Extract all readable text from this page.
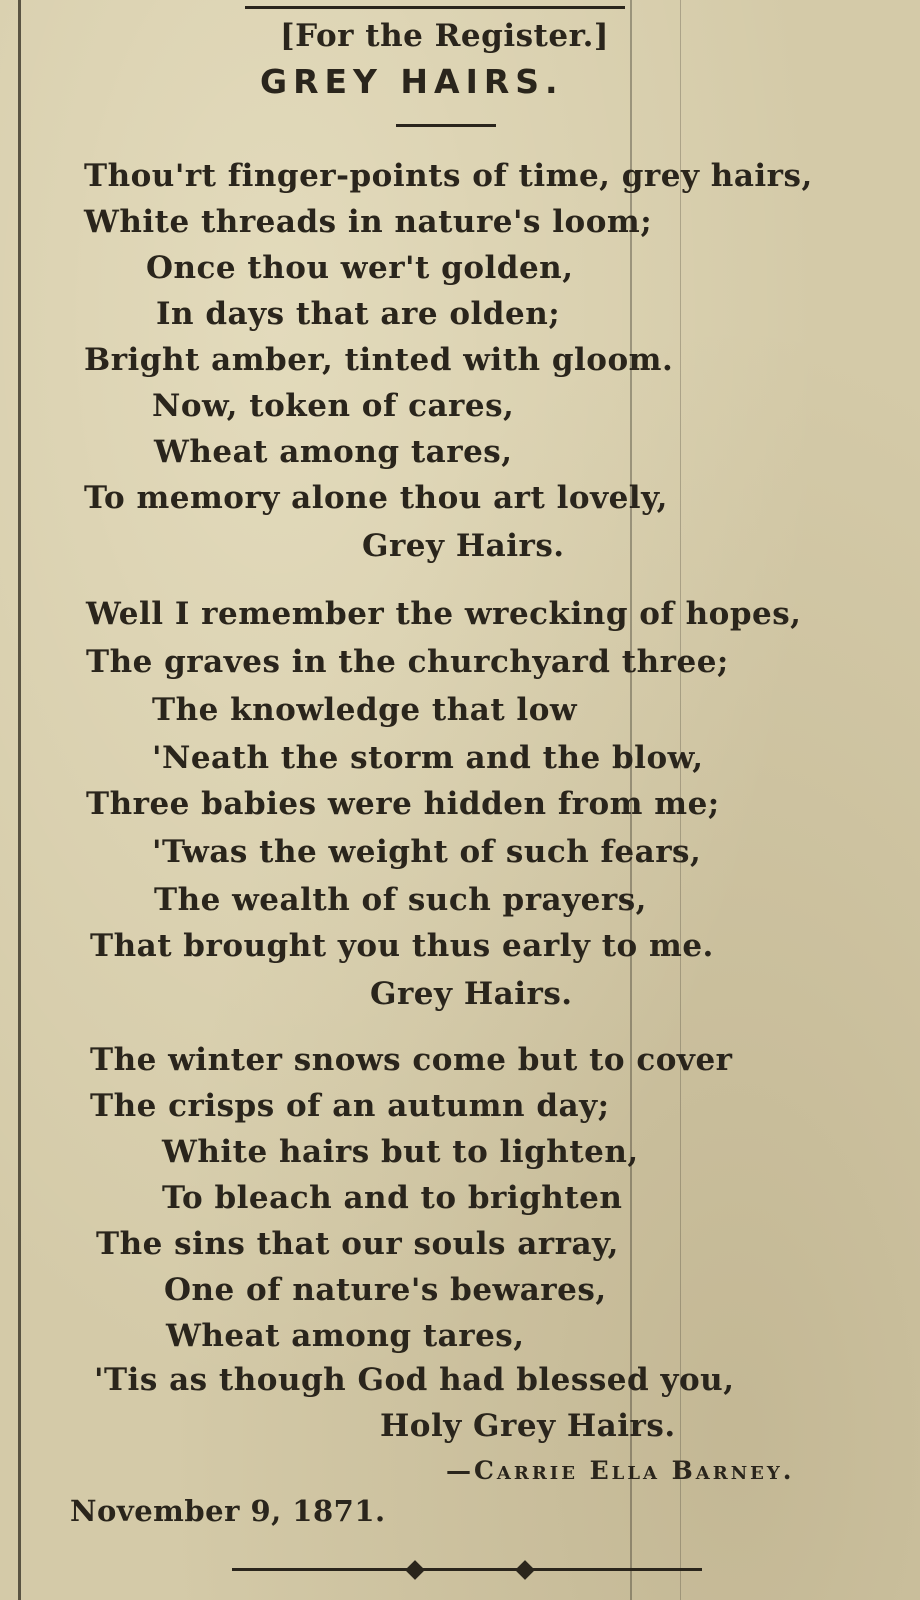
[For the Register.]
GREY HAIRS.
Thou'rt finger-points of time, grey hairs,
White threads in nature's loom;
Once thou wer't golden,
In days that are olden;
Bright amber, tinted with gloom.
Now, token of cares,
Wheat among tares,
To memory alone thou art lovely,
Grey Hairs.
Well I remember the wrecking of hopes,
The graves in the churchyard three;
The knowledge that low
'Neath the storm and the blow,
Three babies were hidden from me;
'Twas the weight of such fears,
The wealth of such prayers,
That brought you thus early to me.
Grey Hairs.
The winter snows come but to cover
The crisps of an autumn day;
White hairs but to lighten,
To bleach and to brighten
The sins that our souls array,
One of nature's bewares,
Wheat among tares,
'Tis as though God had blessed you,
Holy Grey Hairs.
—Carrie Ella Barney.
November 9, 1871.
